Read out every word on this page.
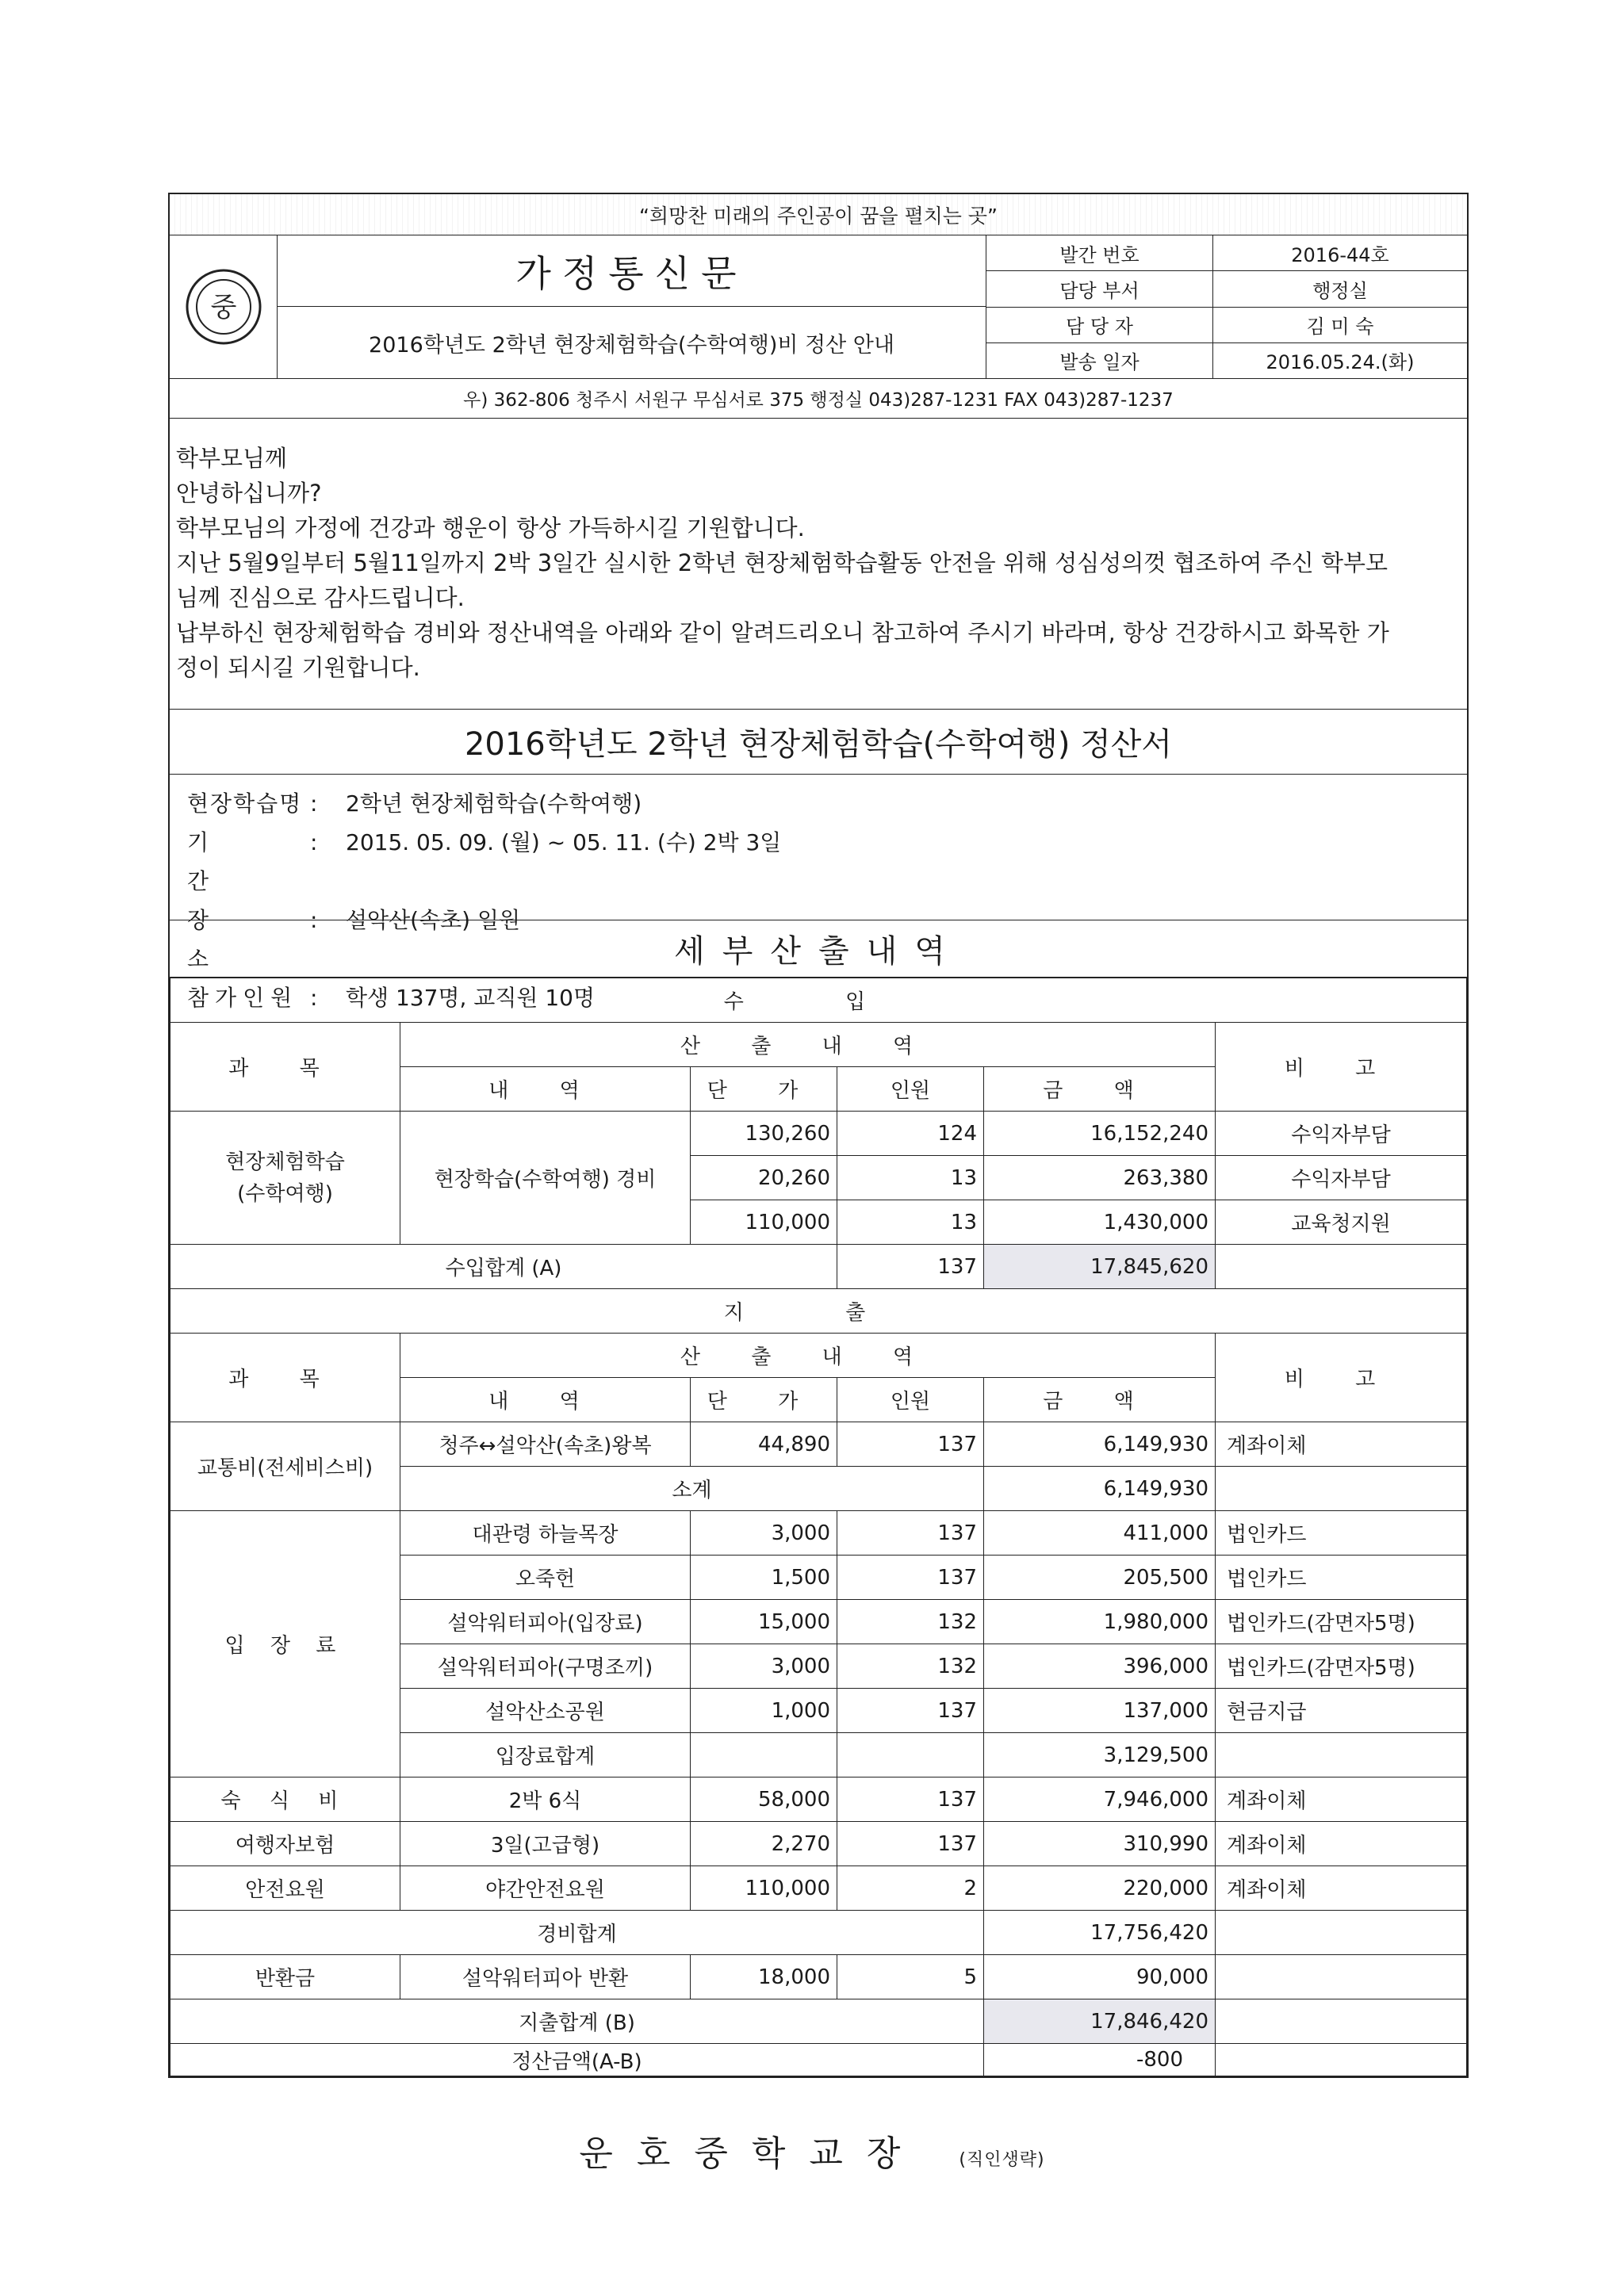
“희망찬 미래의 주인공이 꿈을 펼치는 곳”
중
가정통신문
2016학년도 2학년 현장체험학습(수학여행)비 정산 안내
발간 번호	2016-44호
담당 부서	행정실
담 당 자	김 미 숙
발송 일자	2016.05.24.(화)
우) 362-806 청주시 서원구 무심서로 375 행정실 043)287-1231 FAX 043)287-1237

학부모님께

안녕하십니까?

학부모님의 가정에 건강과 행운이 항상 가득하시길 기원합니다.

지난 5월9일부터 5월11일까지 2박 3일간 실시한 2학년 현장체험학습활동 안전을 위해 성심성의껏 협조하여 주신 학부모

님께 진심으로 감사드립니다.

납부하신 현장체험학습 경비와 정산내역을 아래와 같이 알려드리오니 참고하여 주시기 바라며, 항상 건강하시고 화목한 가

정이 되시길 기원합니다.

2016학년도 2학년 현장체험학습(수학여행) 정산서
현장학습명 :	2학년 현장체험학습(수학여행)
기 간
:	2015. 05. 09. (월) ~ 05. 11. (수) 2박 3일
장 소
:	설악산(속초) 일원
참가인원 :	학생 137명, 교직원 10명
세부산출내역
수 입					
과 목	산 출 내 역				비 고
	내 역	단 가	인원	금 액	
현장체험학습
(수학여행)	현장학습(수학여행) 경비	130,260	124	16,152,240	수익자부담
		20,260	13	263,380	수익자부담
		110,000	13	1,430,000	교육청지원
수입합계 (A)			137	17,845,620	
지 출					
과 목	산 출 내 역				비 고
	내 역	단 가	인원	금 액	
교통비(전세비스비)	청주↔설악산(속초)왕복	44,890	137	6,149,930	계좌이체
	소계			6,149,930	
입 장 료	대관령 하늘목장	3,000	137	411,000	법인카드
	오죽헌	1,500	137	205,500	법인카드
	설악워터피아(입장료)	15,000	132	1,980,000	법인카드(감면자5명)
	설악워터피아(구명조끼)	3,000	132	396,000	법인카드(감면자5명)
	설악산소공원	1,000	137	137,000	현금지급
	입장료합계			3,129,500	
숙 식 비	2박 6식	58,000	137	7,946,000	계좌이체
여행자보험	3일(고급형)	2,270	137	310,990	계좌이체
안전요원	야간안전요원	110,000	2	220,000	계좌이체
경비합계				17,756,420	
반환금	설악워터피아 반환	18,000	5	90,000	
지출합계 (B)				17,846,420	
정산금액(A-B)				-800	
운호중학교장 (직인생략)
